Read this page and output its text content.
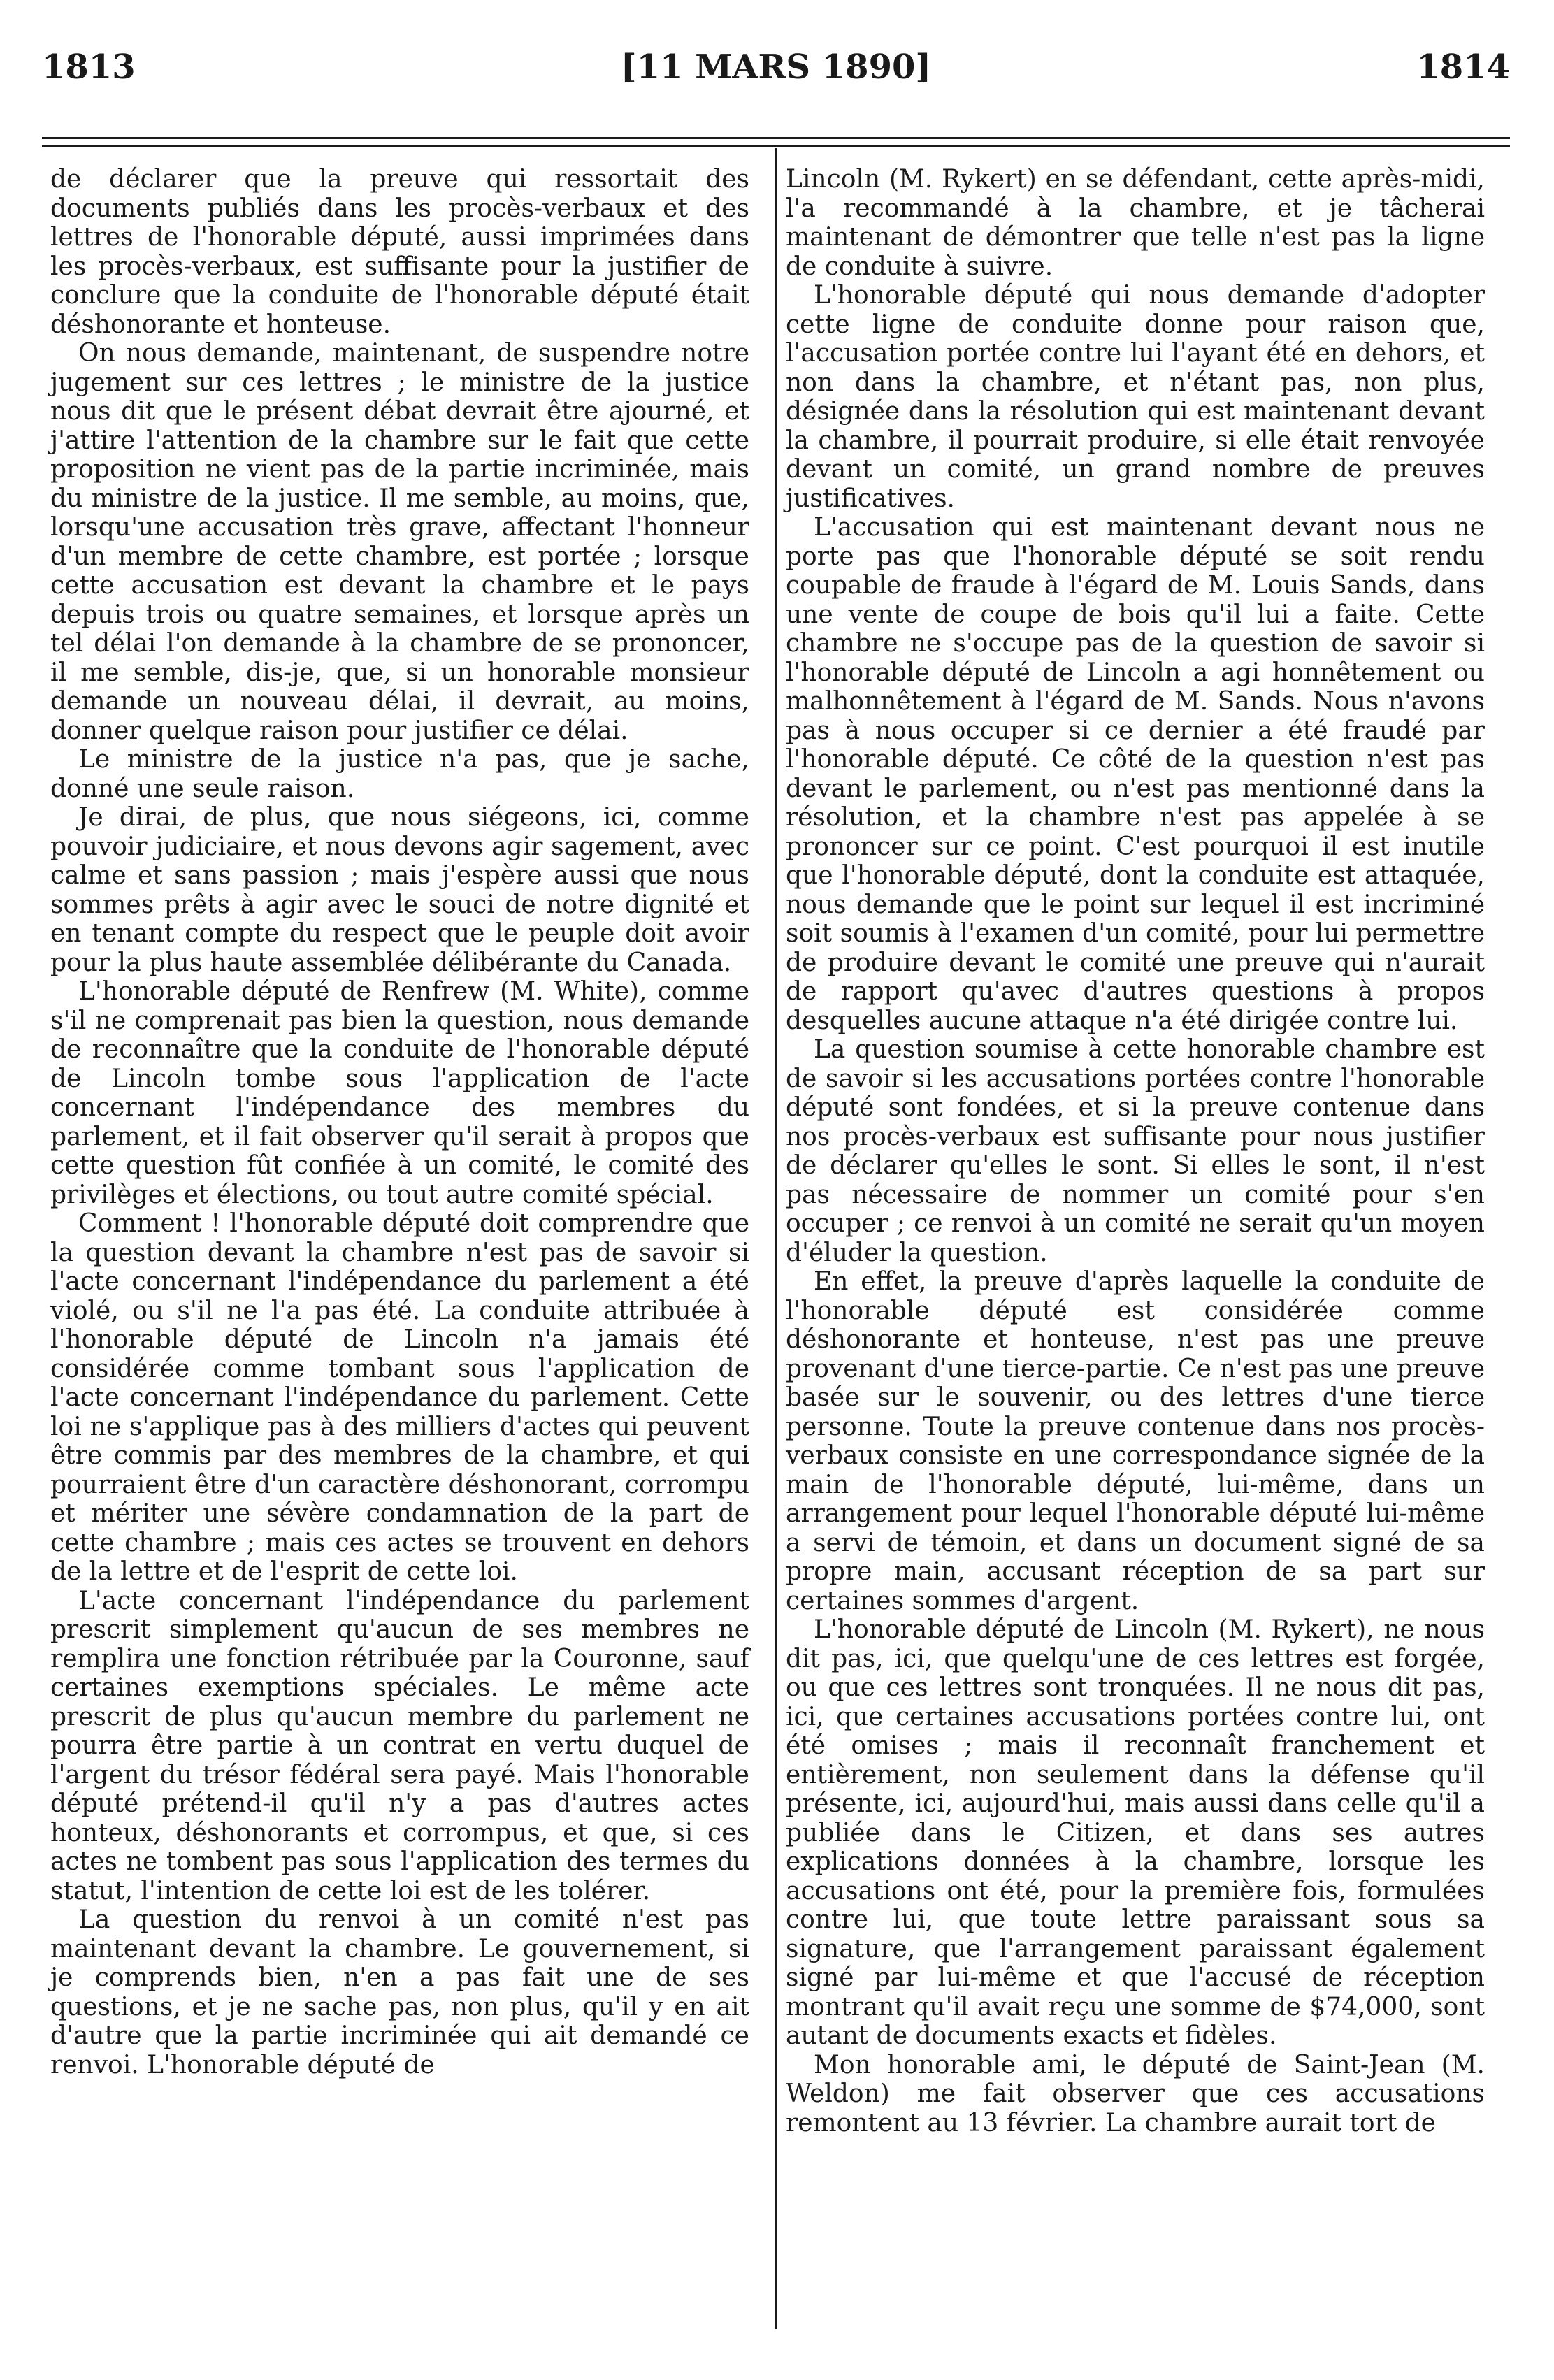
1813	[11 MARS 1890]	1814

de déclarer que la preuve qui ressortait des documents publiés dans les procès-verbaux et des lettres de l'honorable député, aussi imprimées dans les procès-verbaux, est suffisante pour la justifier de conclure que la conduite de l'honorable député était déshonorante et honteuse.

On nous demande, maintenant, de suspendre notre jugement sur ces lettres ; le ministre de la justice nous dit que le présent débat devrait être ajourné, et j'attire l'attention de la chambre sur le fait que cette proposition ne vient pas de la partie incriminée, mais du ministre de la justice. Il me semble, au moins, que, lorsqu'une accusation très grave, affectant l'honneur d'un membre de cette chambre, est portée ; lorsque cette accusation est devant la chambre et le pays depuis trois ou quatre semaines, et lorsque après un tel délai l'on demande à la chambre de se prononcer, il me semble, dis-je, que, si un honorable monsieur demande un nouveau délai, il devrait, au moins, donner quelque raison pour justifier ce délai.

Le ministre de la justice n'a pas, que je sache, donné une seule raison.

Je dirai, de plus, que nous siégeons, ici, comme pouvoir judiciaire, et nous devons agir sagement, avec calme et sans passion ; mais j'espère aussi que nous sommes prêts à agir avec le souci de notre dignité et en tenant compte du respect que le peuple doit avoir pour la plus haute assemblée délibérante du Canada.

L'honorable député de Renfrew (M. White), comme s'il ne comprenait pas bien la question, nous demande de reconnaître que la conduite de l'honorable député de Lincoln tombe sous l'application de l'acte concernant l'indépendance des membres du parlement, et il fait observer qu'il serait à propos que cette question fût confiée à un comité, le comité des privilèges et élections, ou tout autre comité spécial.

Comment ! l'honorable député doit comprendre que la question devant la chambre n'est pas de savoir si l'acte concernant l'indépendance du parlement a été violé, ou s'il ne l'a pas été. La conduite attribuée à l'honorable député de Lincoln n'a jamais été considérée comme tombant sous l'application de l'acte concernant l'indépendance du parlement. Cette loi ne s'applique pas à des milliers d'actes qui peuvent être commis par des membres de la chambre, et qui pourraient être d'un caractère déshonorant, corrompu et mériter une sévère condamnation de la part de cette chambre ; mais ces actes se trouvent en dehors de la lettre et de l'esprit de cette loi.

L'acte concernant l'indépendance du parlement prescrit simplement qu'aucun de ses membres ne remplira une fonction rétribuée par la Couronne, sauf certaines exemptions spéciales. Le même acte prescrit de plus qu'aucun membre du parlement ne pourra être partie à un contrat en vertu duquel de l'argent du trésor fédéral sera payé. Mais l'honorable député prétend-il qu'il n'y a pas d'autres actes honteux, déshonorants et corrompus, et que, si ces actes ne tombent pas sous l'application des termes du statut, l'intention de cette loi est de les tolérer.

La question du renvoi à un comité n'est pas maintenant devant la chambre. Le gouvernement, si je comprends bien, n'en a pas fait une de ses questions, et je ne sache pas, non plus, qu'il y en ait d'autre que la partie incriminée qui ait demandé ce renvoi. L'honorable député de

Lincoln (M. Rykert) en se défendant, cette après-midi, l'a recommandé à la chambre, et je tâcherai maintenant de démontrer que telle n'est pas la ligne de conduite à suivre.

L'honorable député qui nous demande d'adopter cette ligne de conduite donne pour raison que, l'accusation portée contre lui l'ayant été en dehors, et non dans la chambre, et n'étant pas, non plus, désignée dans la résolution qui est maintenant devant la chambre, il pourrait produire, si elle était renvoyée devant un comité, un grand nombre de preuves justificatives.

L'accusation qui est maintenant devant nous ne porte pas que l'honorable député se soit rendu coupable de fraude à l'égard de M. Louis Sands, dans une vente de coupe de bois qu'il lui a faite. Cette chambre ne s'occupe pas de la question de savoir si l'honorable député de Lincoln a agi honnêtement ou malhonnêtement à l'égard de M. Sands. Nous n'avons pas à nous occuper si ce dernier a été fraudé par l'honorable député. Ce côté de la question n'est pas devant le parlement, ou n'est pas mentionné dans la résolution, et la chambre n'est pas appelée à se prononcer sur ce point. C'est pourquoi il est inutile que l'honorable député, dont la conduite est attaquée, nous demande que le point sur lequel il est incriminé soit soumis à l'examen d'un comité, pour lui permettre de produire devant le comité une preuve qui n'aurait de rapport qu'avec d'autres questions à propos desquelles aucune attaque n'a été dirigée contre lui.

La question soumise à cette honorable chambre est de savoir si les accusations portées contre l'honorable député sont fondées, et si la preuve contenue dans nos procès-verbaux est suffisante pour nous justifier de déclarer qu'elles le sont. Si elles le sont, il n'est pas nécessaire de nommer un comité pour s'en occuper ; ce renvoi à un comité ne serait qu'un moyen d'éluder la question.

En effet, la preuve d'après laquelle la conduite de l'honorable député est considérée comme déshonorante et honteuse, n'est pas une preuve provenant d'une tierce-partie. Ce n'est pas une preuve basée sur le souvenir, ou des lettres d'une tierce personne. Toute la preuve contenue dans nos procès-verbaux consiste en une correspondance signée de la main de l'honorable député, lui-même, dans un arrangement pour lequel l'honorable député lui-même a servi de témoin, et dans un document signé de sa propre main, accusant réception de sa part sur certaines sommes d'argent.

L'honorable député de Lincoln (M. Rykert), ne nous dit pas, ici, que quelqu'une de ces lettres est forgée, ou que ces lettres sont tronquées. Il ne nous dit pas, ici, que certaines accusations portées contre lui, ont été omises ; mais il reconnaît franchement et entièrement, non seulement dans la défense qu'il présente, ici, aujourd'hui, mais aussi dans celle qu'il a publiée dans le Citizen, et dans ses autres explications données à la chambre, lorsque les accusations ont été, pour la première fois, formulées contre lui, que toute lettre paraissant sous sa signature, que l'arrangement paraissant également signé par lui-même et que l'accusé de réception montrant qu'il avait reçu une somme de $74,000, sont autant de documents exacts et fidèles.

Mon honorable ami, le député de Saint-Jean (M. Weldon) me fait observer que ces accusations remontent au 13 février. La chambre aurait tort de
